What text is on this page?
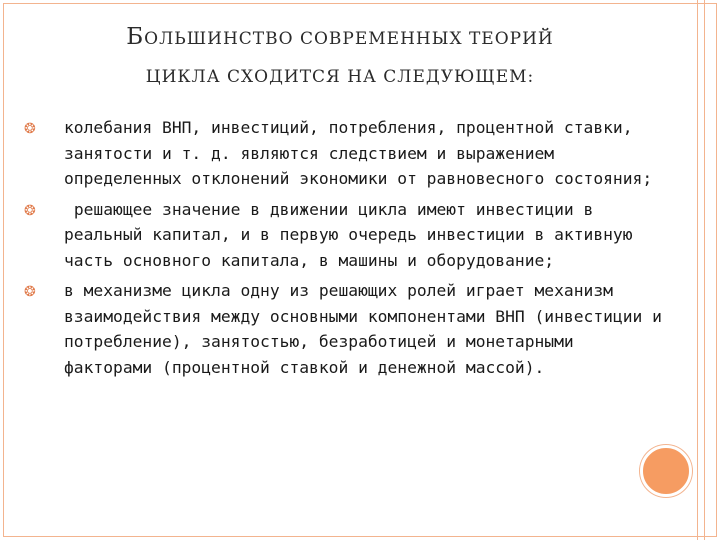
БОЛЬШИНСТВО СОВРЕМЕННЫХ ТЕОРИЙ
ЦИКЛА СХОДИТСЯ НА СЛЕДУЮЩЕМ:
❂ колебания ВНП, инвестиций, потребления, процентной ставки, занятости и т. д. являются следствием и выражением определенных отклонений экономики от равновесного состояния;
❂ решающее значение в движении цикла имеют инвестиции в реальный капитал, и в первую очередь инвестиции в активную часть основного капитала, в машины и оборудование;
❂ в механизме цикла одну из решающих ролей играет механизм взаимодействия между основными компонентами ВНП (инвестиции и потребление), занятостью, безработицей и монетарными факторами (процентной ставкой и денежной массой).
